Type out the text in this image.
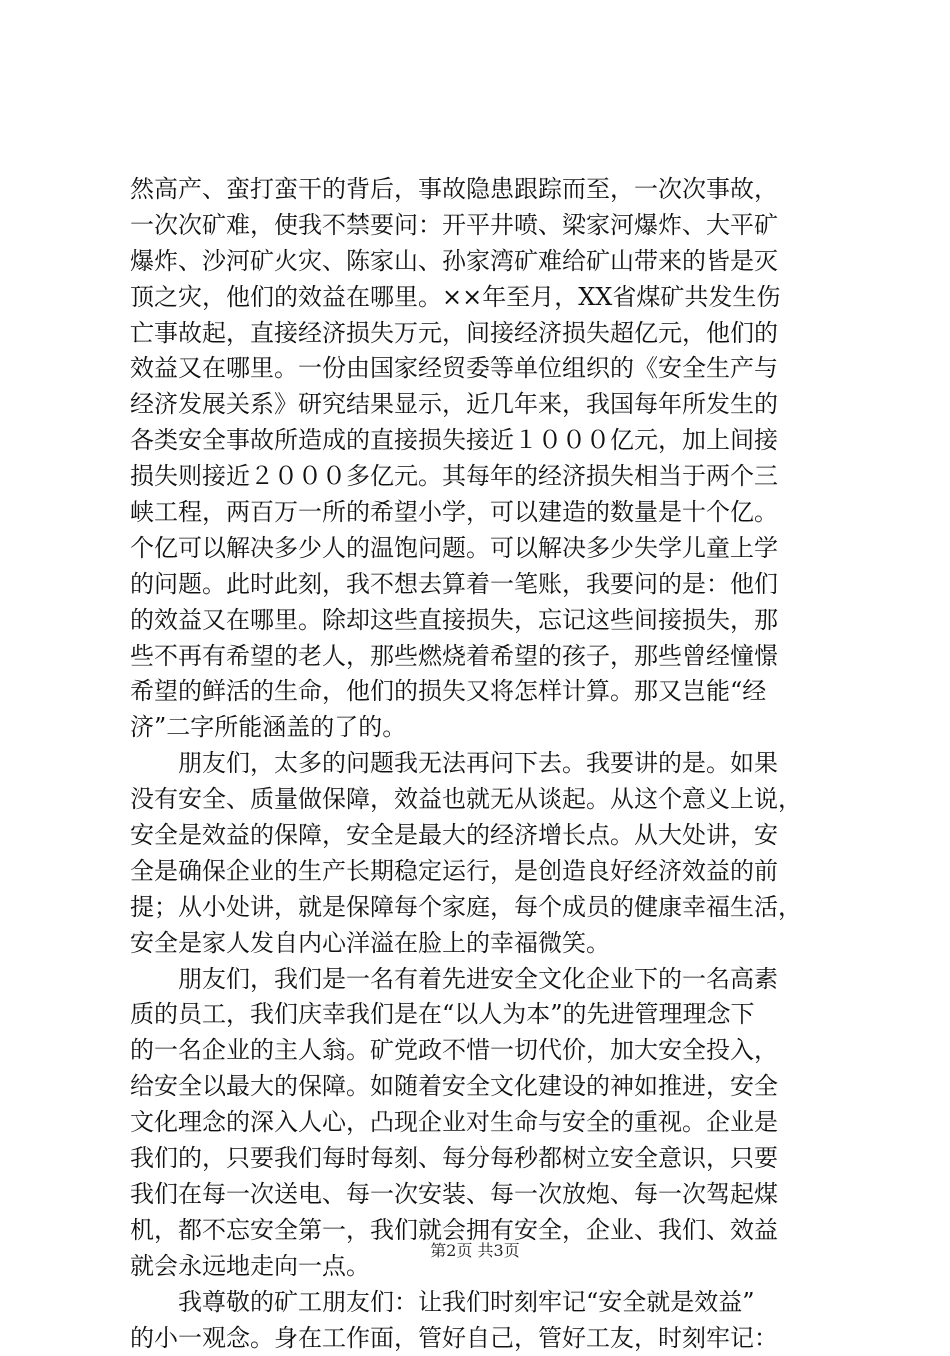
然高产、蛮打蛮干的背后，事故隐患跟踪而至，一次次事故，
一次次矿难，使我不禁要问：开平井喷、梁家河爆炸、大平矿
爆炸、沙河矿火灾、陈家山、孙家湾矿难给矿山带来的皆是灭
顶之灾，他们的效益在哪里。××年至月，XX省煤矿共发生伤
亡事故起，直接经济损失万元，间接经济损失超亿元，他们的
效益又在哪里。一份由国家经贸委等单位组织的《安全生产与
经济发展关系》研究结果显示，近几年来，我国每年所发生的
各类安全事故所造成的直接损失接近１０００亿元，加上间接
损失则接近２０００多亿元。其每年的经济损失相当于两个三
峡工程，两百万一所的希望小学，可以建造的数量是十个亿。
个亿可以解决多少人的温饱问题。可以解决多少失学儿童上学
的问题。此时此刻，我不想去算着一笔账，我要问的是：他们
的效益又在哪里。除却这些直接损失，忘记这些间接损失，那
些不再有希望的老人，那些燃烧着希望的孩子，那些曾经憧憬
希望的鲜活的生命，他们的损失又将怎样计算。那又岂能“经
济”二字所能涵盖的了的。
　　朋友们，太多的问题我无法再问下去。我要讲的是。如果
没有安全、质量做保障，效益也就无从谈起。从这个意义上说，
安全是效益的保障，安全是最大的经济增长点。从大处讲，安
全是确保企业的生产长期稳定运行，是创造良好经济效益的前
提；从小处讲，就是保障每个家庭，每个成员的健康幸福生活，
安全是家人发自内心洋溢在脸上的幸福微笑。
　　朋友们，我们是一名有着先进安全文化企业下的一名高素
质的员工，我们庆幸我们是在“以人为本”的先进管理理念下
的一名企业的主人翁。矿党政不惜一切代价，加大安全投入，
给安全以最大的保障。如随着安全文化建设的神如推进，安全
文化理念的深入人心，凸现企业对生命与安全的重视。企业是
我们的，只要我们每时每刻、每分每秒都树立安全意识，只要
我们在每一次送电、每一次安装、每一次放炮、每一次驾起煤
机，都不忘安全第一，我们就会拥有安全，企业、我们、效益
就会永远地走向一点。
　　我尊敬的矿工朋友们：让我们时刻牢记“安全就是效益”
的小一观念。身在工作面，管好自己，管好工友，时刻牢记：
第2页 共3页
